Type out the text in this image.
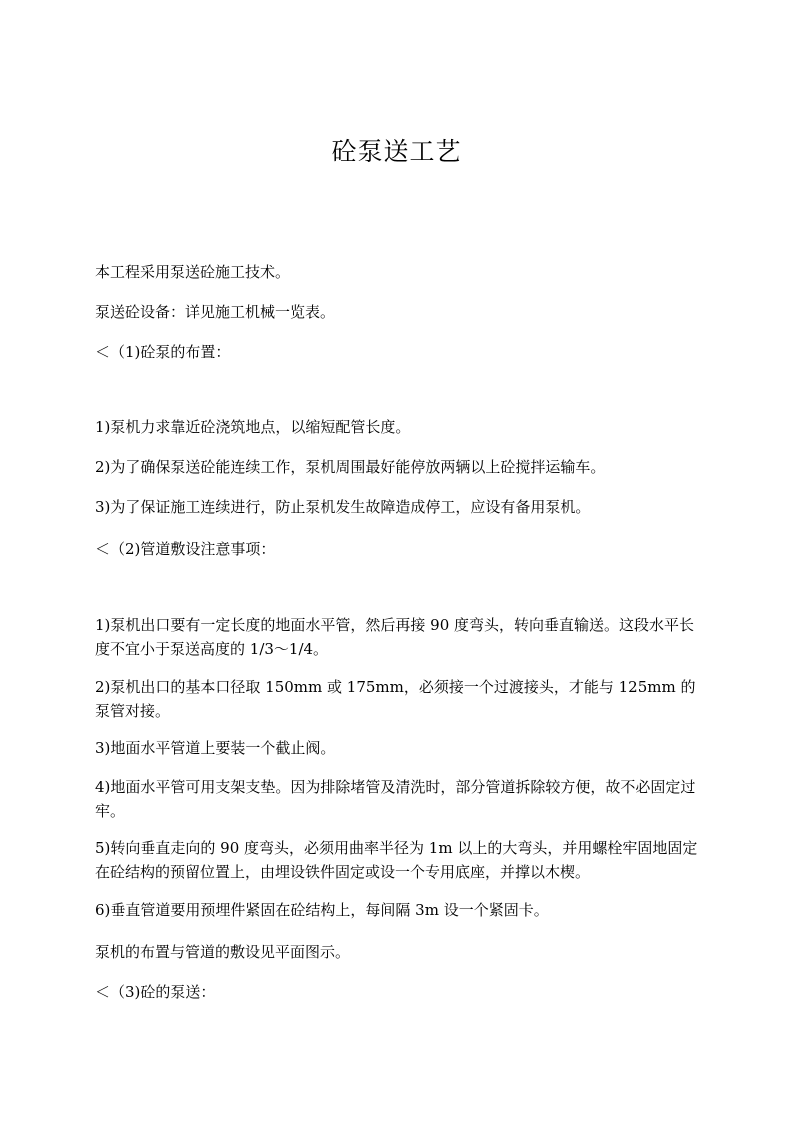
砼泵送工艺

本工程采用泵送砼施工技术。

泵送砼设备：详见施工机械一览表。

＜（1)砼泵的布置：

1)泵机力求靠近砼浇筑地点，以缩短配管长度。

2)为了确保泵送砼能连续工作，泵机周围最好能停放两辆以上砼搅拌运输车。

3)为了保证施工连续进行，防止泵机发生故障造成停工，应设有备用泵机。

＜（2)管道敷设注意事项：

1)泵机出口要有一定长度的地面水平管，然后再接 90 度弯头，转向垂直输送。这段水平长度不宜小于泵送高度的 1/3～1/4。

2)泵机出口的基本口径取 150mm 或 175mm，必须接一个过渡接头，才能与 125mm 的泵管对接。

3)地面水平管道上要装一个截止阀。

4)地面水平管可用支架支垫。因为排除堵管及清洗时，部分管道拆除较方便，故不必固定过牢。

5)转向垂直走向的 90 度弯头，必须用曲率半径为 1m 以上的大弯头，并用螺栓牢固地固定在砼结构的预留位置上，由埋设铁件固定或设一个专用底座，并撑以木楔。

6)垂直管道要用预埋件紧固在砼结构上，每间隔 3m 设一个紧固卡。

泵机的布置与管道的敷设见平面图示。

＜（3)砼的泵送：
